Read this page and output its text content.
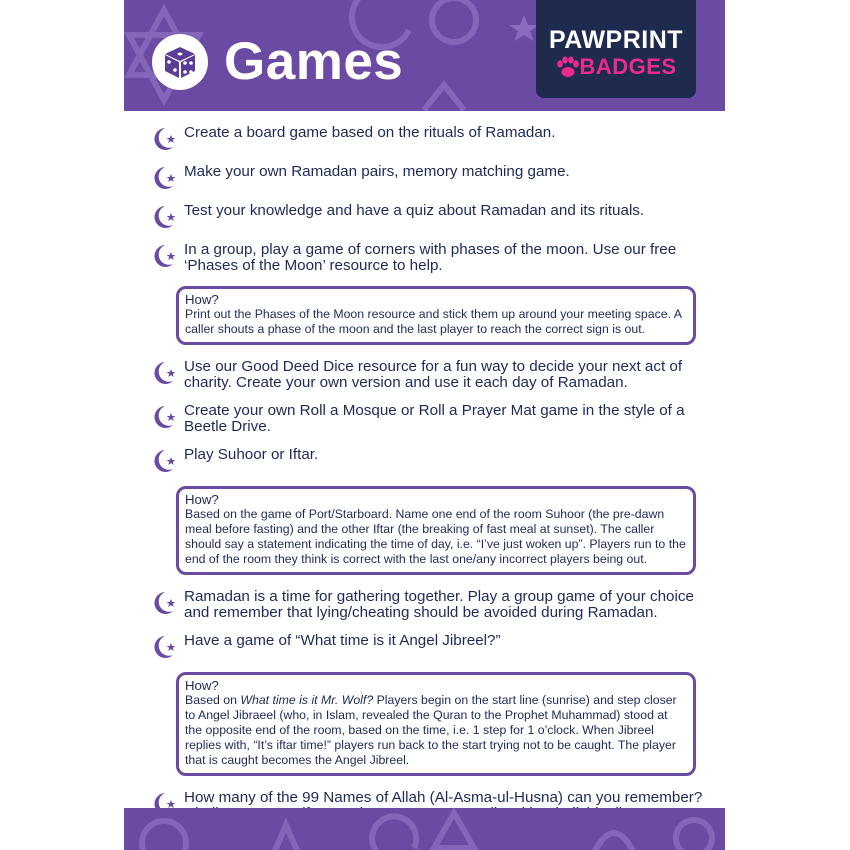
Games	PAWPRINT
BADGES
Create a board game based on the rituals of Ramadan.
Make your own Ramadan pairs, memory matching game.
Test your knowledge and have a quiz about Ramadan and its rituals.
In a group, play a game of corners with phases of the moon. Use our free ‘Phases of the Moon’ resource to help.
How?
Print out the Phases of the Moon resource and stick them up around your meeting space. A caller shouts a phase of the moon and the last player to reach the correct sign is out.
Use our Good Deed Dice resource for a fun way to decide your next act of charity. Create your own version and use it each day of Ramadan.
Create your own Roll a Mosque or Roll a Prayer Mat game in the style of a Beetle Drive.
Play Suhoor or Iftar.
How?
Based on the game of Port/Starboard. Name one end of the room Suhoor (the pre-dawn meal before fasting) and the other Iftar (the breaking of fast meal at sunset). The caller should say a statement indicating the time of day, i.e. “I’ve just woken up”. Players run to the end of the room they think is correct with the last one/any incorrect players being out.
Ramadan is a time for gathering together. Play a group game of your choice and remember that lying/cheating should be avoided during Ramadan.
Have a game of “What time is it Angel Jibreel?”
How?
Based on What time is it Mr. Wolf? Players begin on the start line (sunrise) and step closer to Angel Jibraeel (who, in Islam, revealed the Quran to the Prophet Muhammad) stood at the opposite end of the room, based on the time, i.e. 1 step for 1 o’clock. When Jibreel replies with, “It’s iftar time!” players run back to the start trying not to be caught. The player that is caught becomes the Angel Jibreel.
How many of the 99 Names of Allah (Al-Asma-ul-Husna) can you remember?
